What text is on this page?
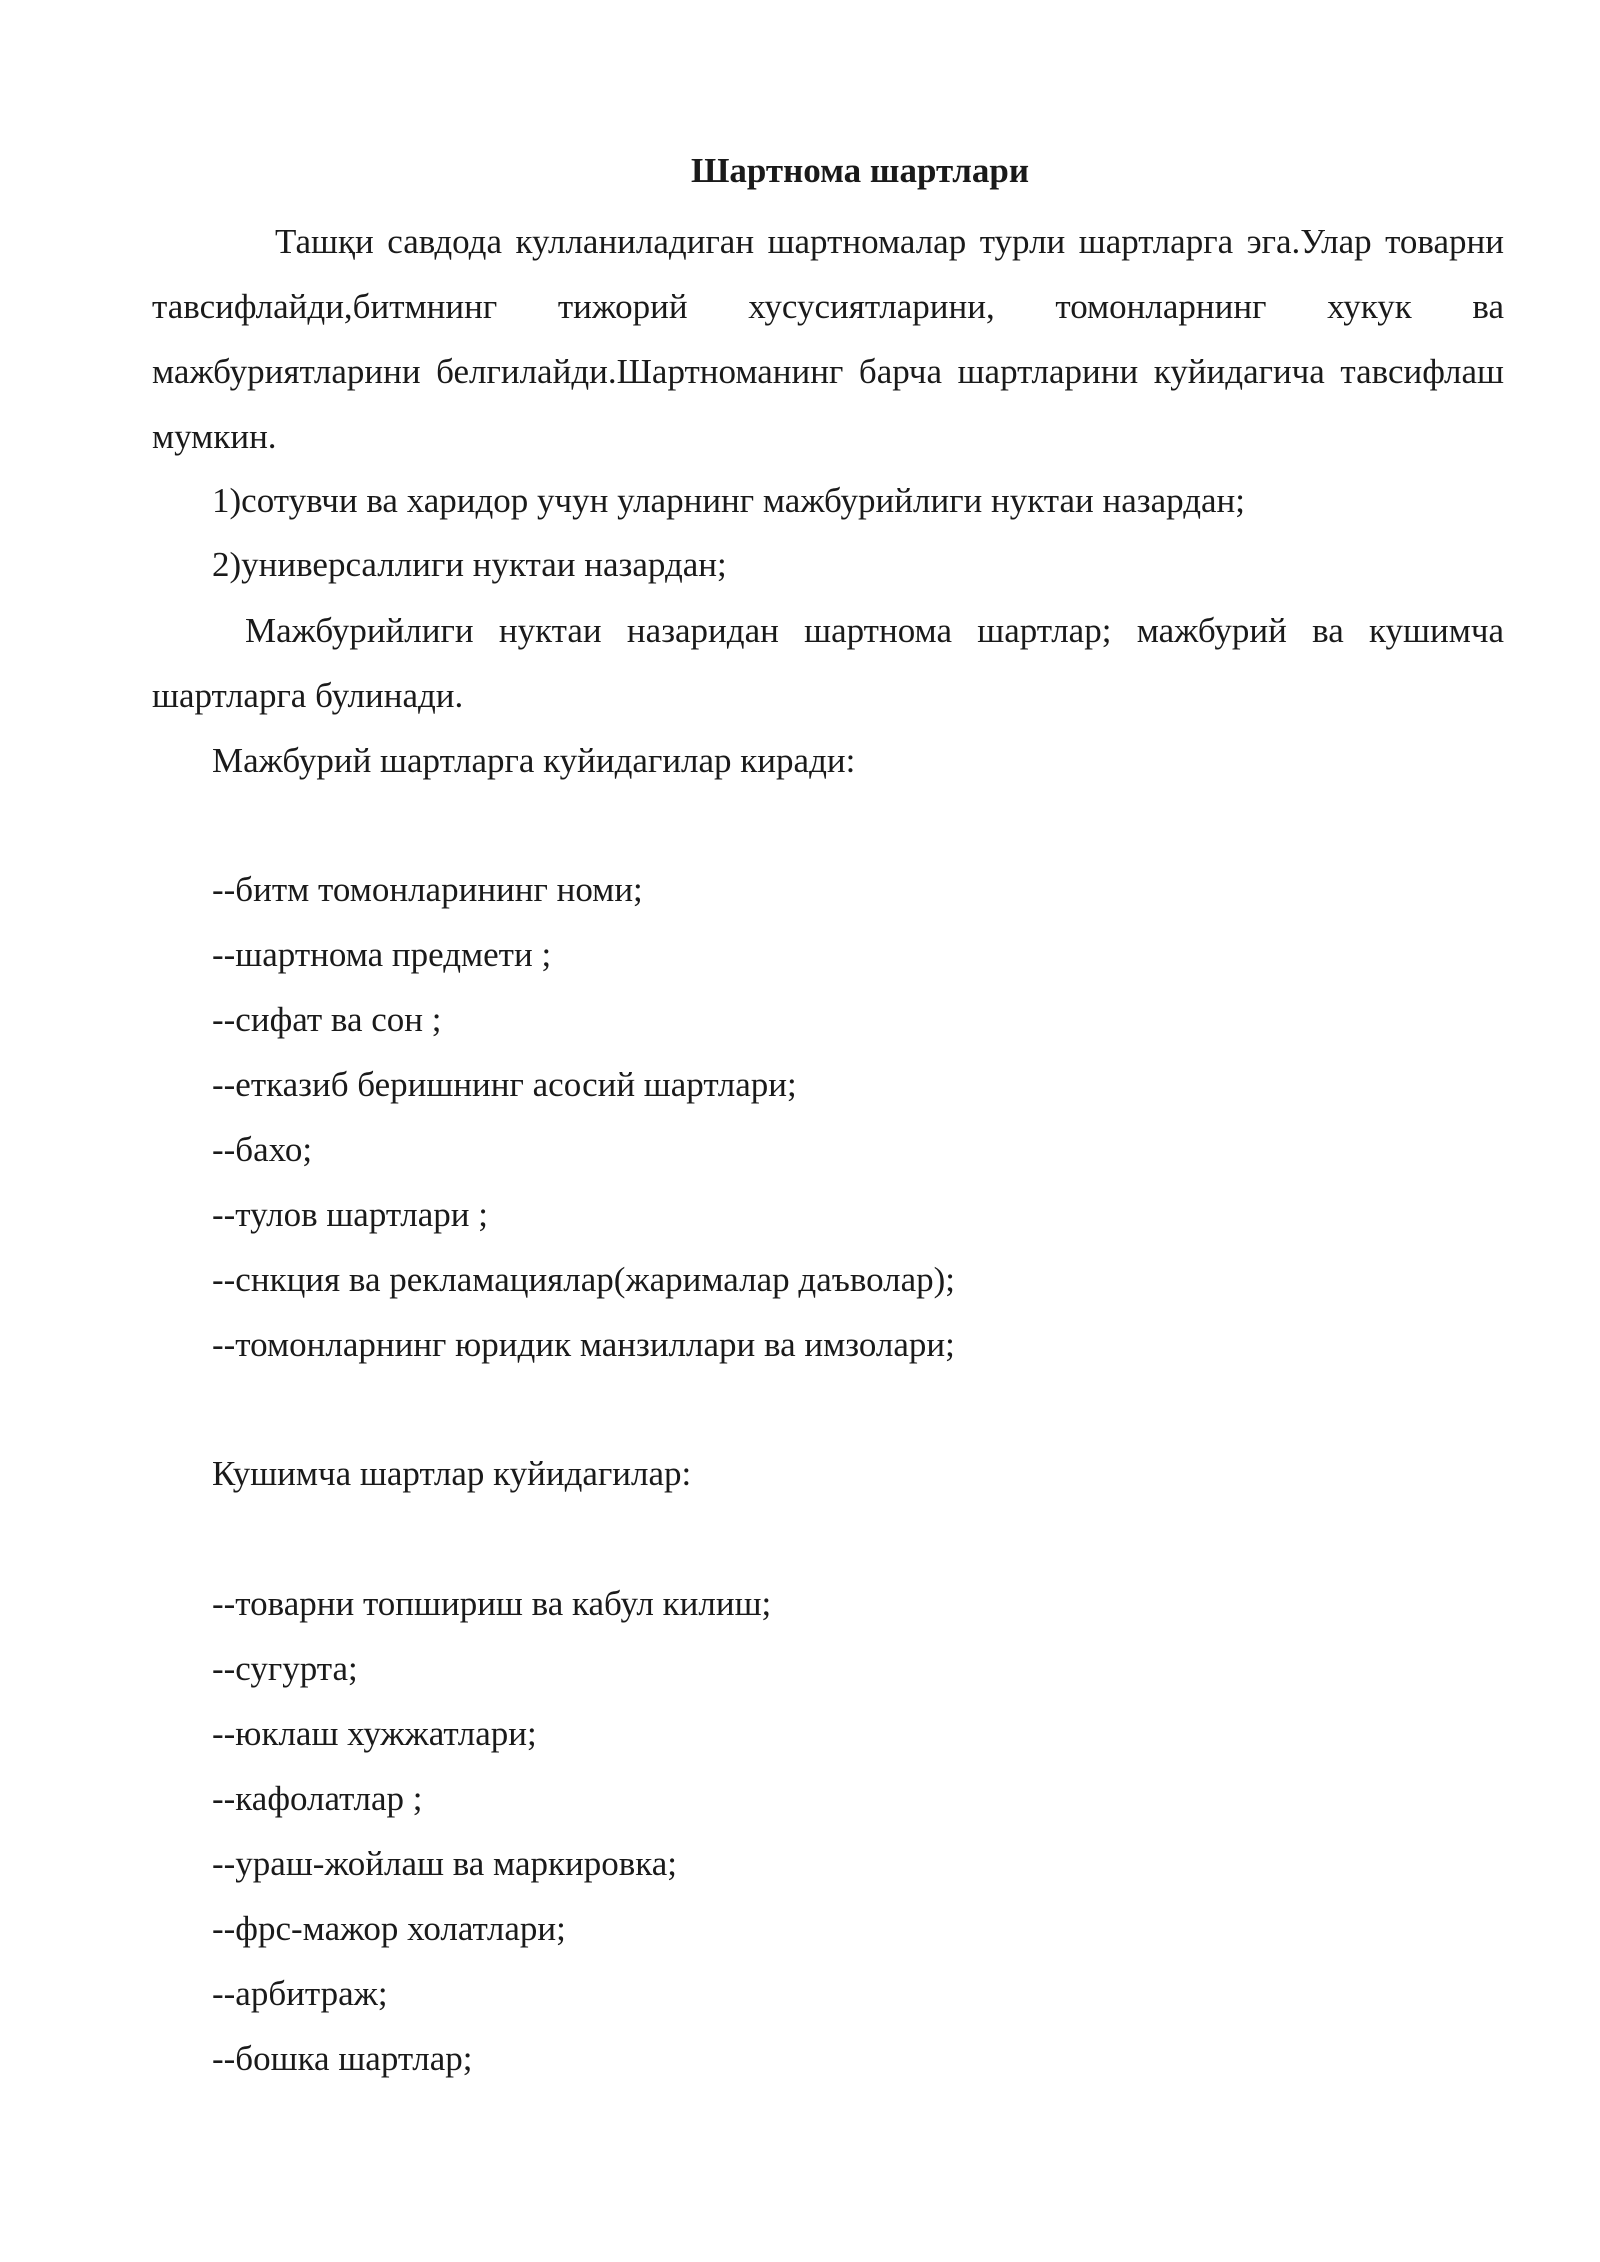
Шартнома шартлари

Ташқи савдода кулланиладиган шартномалар турли шартларга эга.Улар товарни тавсифлайди,битмнинг тижорий хусусиятларини, томонларнинг хукук ва мажбуриятларини белгилайди.Шартноманинг барча шартларини куйидагича тавсифлаш мумкин.

1)сотувчи ва харидор учун уларнинг мажбурийлиги нуктаи назардан;

2)универсаллиги нуктаи назардан;

Мажбурийлиги нуктаи назаридан шартнома шартлар; мажбурий ва кушимча шартларга булинади.

Мажбурий шартларга куйидагилар киради:

--битм томонларининг номи;

--шартнома предмети ;

--сифат ва сон ;

--етказиб беришнинг асосий шартлари;

--бахо;

--тулов шартлари ;

--снкция ва рекламациялар(жарималар даъволар);

--томонларнинг юридик манзиллари ва имзолари;

Кушимча шартлар куйидагилар:

--товарни топшириш ва кабул килиш;

--сугурта;

--юклаш хужжатлари;

--кафолатлар ;

--ураш-жойлаш ва маркировка;

--фрс-мажор холатлари;

--арбитраж;

--бошка шартлар;
